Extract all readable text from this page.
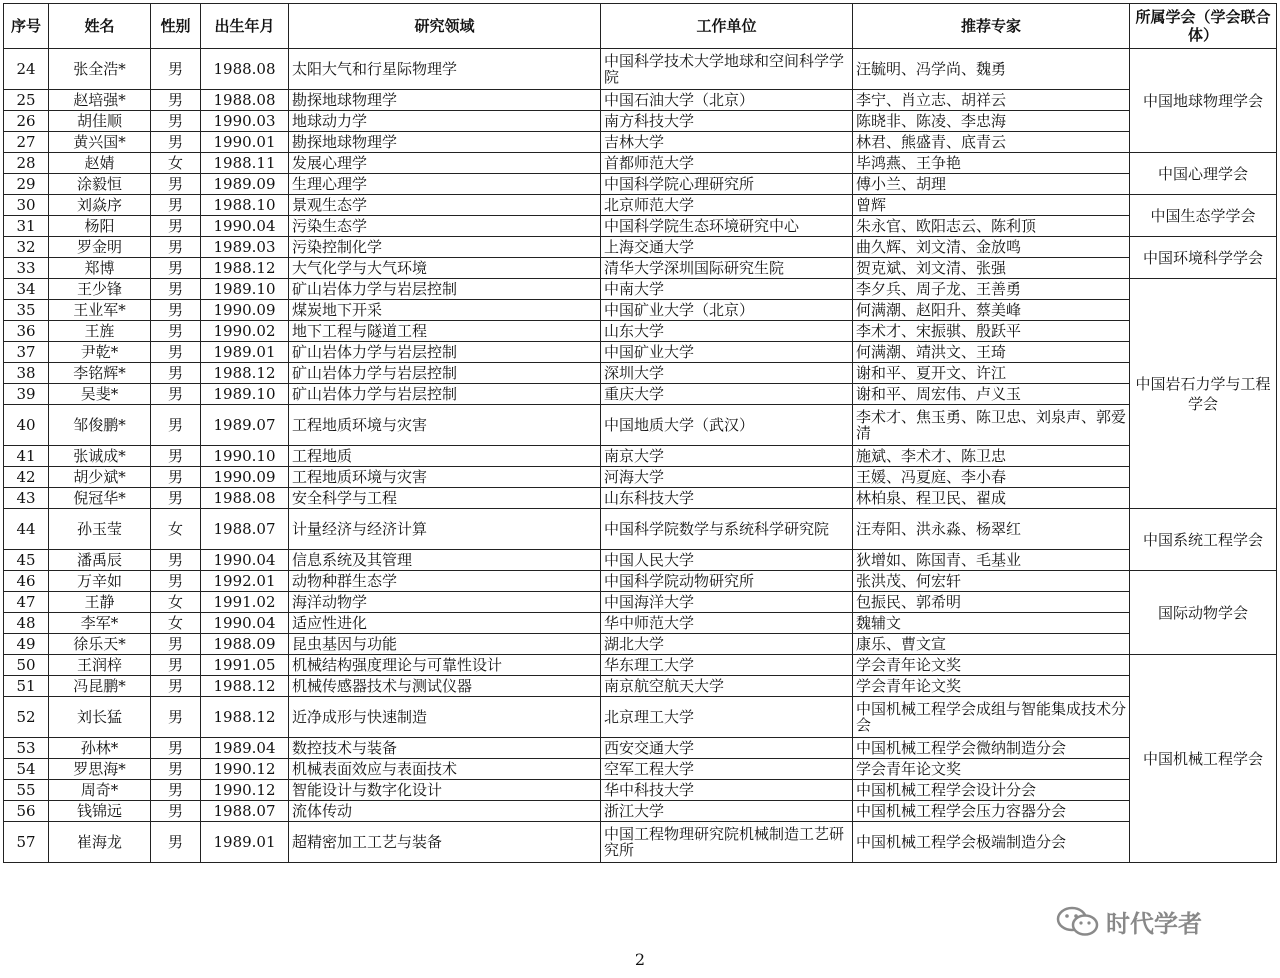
序号	姓名	性别	出生年月	研究领域	工作单位	推荐专家	所属学会（学会联合体）
24	张全浩*	男	1988.08	太阳大气和行星际物理学	中国科学技术大学地球和空间科学学院	汪毓明、冯学尚、魏勇	中国地球物理学会
25	赵培强*	男	1988.08	勘探地球物理学	中国石油大学（北京）	李宁、肖立志、胡祥云	
26	胡佳顺	男	1990.03	地球动力学	南方科技大学	陈晓非、陈凌、李忠海	
27	黄兴国*	男	1990.01	勘探地球物理学	吉林大学	林君、熊盛青、底青云	
28	赵婧	女	1988.11	发展心理学	首都师范大学	毕鸿燕、王争艳	中国心理学会
29	涂毅恒	男	1989.09	生理心理学	中国科学院心理研究所	傅小兰、胡理	
30	刘焱序	男	1988.10	景观生态学	北京师范大学	曾辉	中国生态学学会
31	杨阳	男	1990.04	污染生态学	中国科学院生态环境研究中心	朱永官、欧阳志云、陈利顶	
32	罗金明	男	1989.03	污染控制化学	上海交通大学	曲久辉、刘文清、金放鸣	中国环境科学学会
33	郑博	男	1988.12	大气化学与大气环境	清华大学深圳国际研究生院	贺克斌、刘文清、张强	
34	王少锋	男	1989.10	矿山岩体力学与岩层控制	中南大学	李夕兵、周子龙、王善勇	中国岩石力学与工程学会
35	王业军*	男	1990.09	煤炭地下开采	中国矿业大学（北京）	何满潮、赵阳升、蔡美峰	
36	王旌	男	1990.02	地下工程与隧道工程	山东大学	李术才、宋振骐、殷跃平	
37	尹乾*	男	1989.01	矿山岩体力学与岩层控制	中国矿业大学	何满潮、靖洪文、王琦	
38	李铭辉*	男	1988.12	矿山岩体力学与岩层控制	深圳大学	谢和平、夏开文、许江	
39	吴斐*	男	1989.10	矿山岩体力学与岩层控制	重庆大学	谢和平、周宏伟、卢义玉	
40	邹俊鹏*	男	1989.07	工程地质环境与灾害	中国地质大学（武汉）	李术才、焦玉勇、陈卫忠、刘泉声、郭爱清	
41	张诚成*	男	1990.10	工程地质	南京大学	施斌、李术才、陈卫忠	
42	胡少斌*	男	1990.09	工程地质环境与灾害	河海大学	王媛、冯夏庭、李小春	
43	倪冠华*	男	1988.08	安全科学与工程	山东科技大学	林柏泉、程卫民、翟成	
44	孙玉莹	女	1988.07	计量经济与经济计算	中国科学院数学与系统科学研究院	汪寿阳、洪永淼、杨翠红	中国系统工程学会
45	潘禹辰	男	1990.04	信息系统及其管理	中国人民大学	狄增如、陈国青、毛基业	
46	万辛如	男	1992.01	动物种群生态学	中国科学院动物研究所	张洪茂、何宏轩	国际动物学会
47	王静	女	1991.02	海洋动物学	中国海洋大学	包振民、郭希明	
48	李军*	女	1990.04	适应性进化	华中师范大学	魏辅文	
49	徐乐天*	男	1988.09	昆虫基因与功能	湖北大学	康乐、曹文宣	
50	王润梓	男	1991.05	机械结构强度理论与可靠性设计	华东理工大学	学会青年论文奖	中国机械工程学会
51	冯昆鹏*	男	1988.12	机械传感器技术与测试仪器	南京航空航天大学	学会青年论文奖	
52	刘长猛	男	1988.12	近净成形与快速制造	北京理工大学	中国机械工程学会成组与智能集成技术分会	
53	孙林*	男	1989.04	数控技术与装备	西安交通大学	中国机械工程学会微纳制造分会	
54	罗思海*	男	1990.12	机械表面效应与表面技术	空军工程大学	学会青年论文奖	
55	周奇*	男	1990.12	智能设计与数字化设计	华中科技大学	中国机械工程学会设计分会	
56	钱锦远	男	1988.07	流体传动	浙江大学	中国机械工程学会压力容器分会	
57	崔海龙	男	1989.01	超精密加工工艺与装备	中国工程物理研究院机械制造工艺研究所	中国机械工程学会极端制造分会	
时代学者
2
